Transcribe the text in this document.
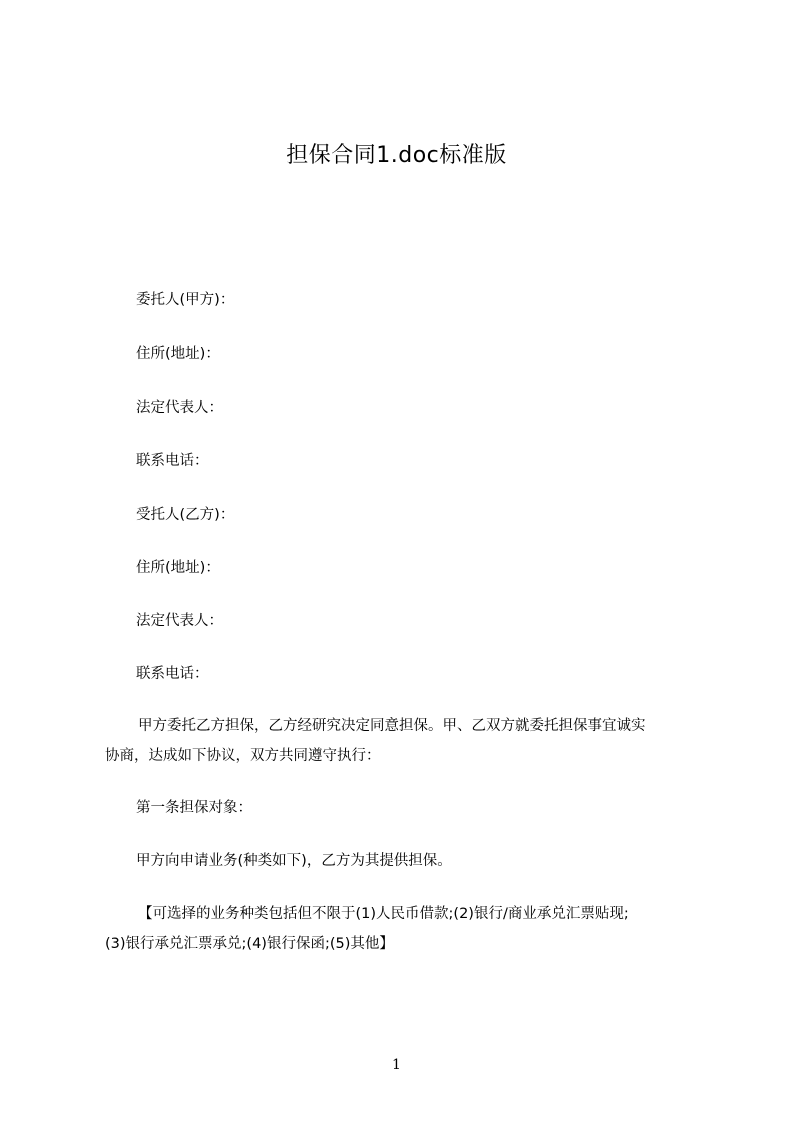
担保合同1.doc标准版
委托人(甲方)：
住所(地址)：
法定代表人：
联系电话：
受托人(乙方)：
住所(地址)：
法定代表人：
联系电话：
甲方委托乙方担保，乙方经研究决定同意担保。甲、乙双方就委托担保事宜诚实
协商，达成如下协议，双方共同遵守执行：
第一条担保对象：
甲方向申请业务(种类如下)，乙方为其提供担保。
【可选择的业务种类包括但不限于(1)人民币借款;(2)银行/商业承兑汇票贴现;
(3)银行承兑汇票承兑;(4)银行保函;(5)其他】
1
